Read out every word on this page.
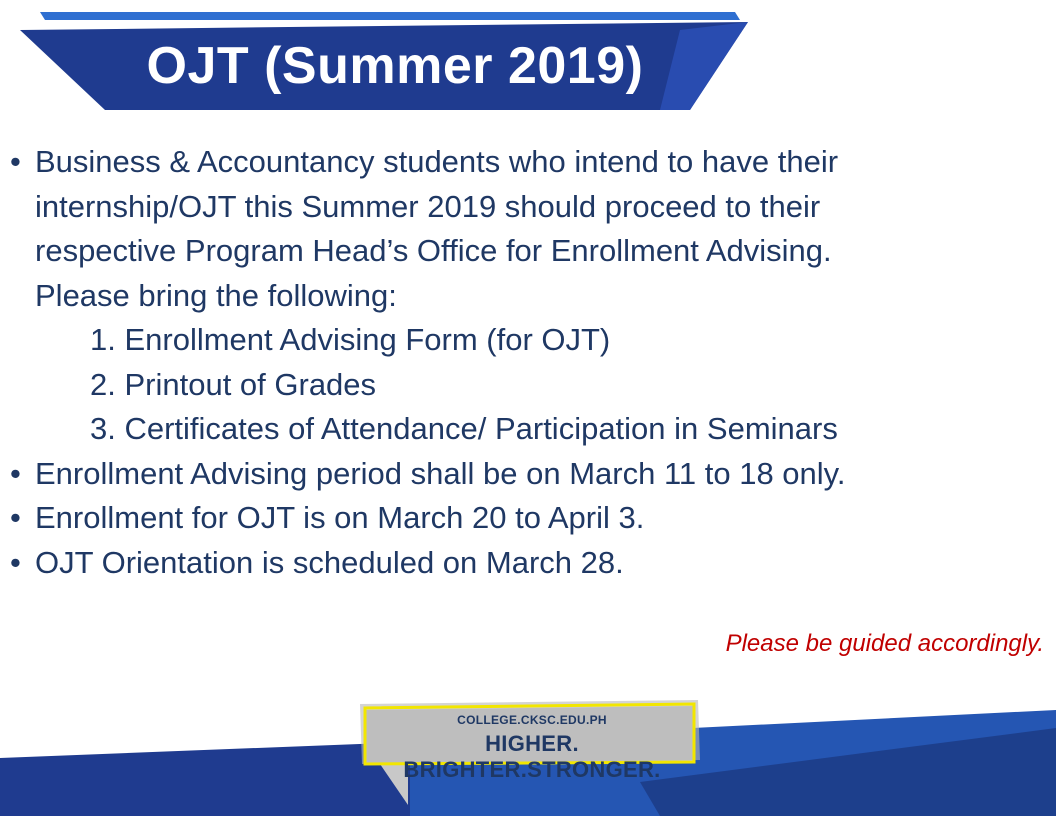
OJT (Summer 2019)
• Business & Accountancy students who intend to have their
internship/OJT this Summer 2019 should proceed to their
respective Program Head’s Office for Enrollment Advising.
Please bring the following:
1. Enrollment Advising Form (for OJT)
2. Printout of Grades
3. Certificates of Attendance/ Participation in Seminars
• Enrollment Advising period shall be on March 11 to 18 only.
• Enrollment for OJT is on March 20 to April 3.
• OJT Orientation is scheduled on March 28.
Please be guided accordingly.
COLLEGE.CKSC.EDU.PH
HIGHER. BRIGHTER.STRONGER.
